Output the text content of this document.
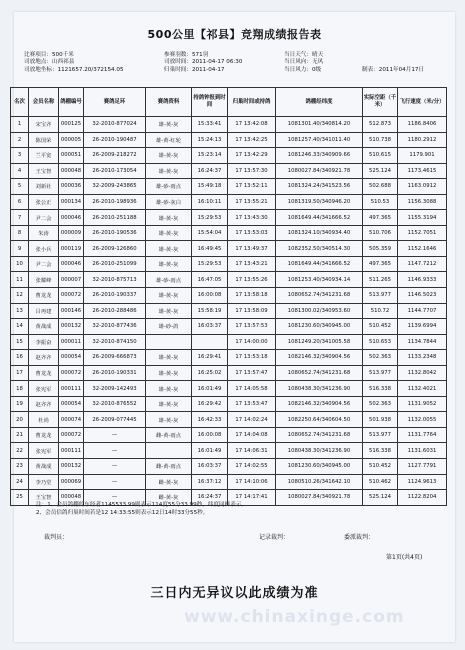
500公里【祁县】竞翔成绩报告表
比赛项目：500千米
司放地点：山西祁县
司放地坐标：1121657.20/372154.05
参赛羽数：571羽
司放时间：2011-04-17 06:30
归巢时间：2011-04-17
当日天气：晴天
当日风向：无风
当日风力：0级	制表：2011年04月17日
名次	会员名称	鸽棚编号	赛鸽足环	赛鸽资料	持鸽钟报到时间	归巢时间或持鸽	鸽棚经纬度	实际空距（千米）	飞行速度（米/分）
1	宋宝齐	000125	32-2010-877024	雄-黄-灰	15:33:41	17 13:42:08	1081301.40/340814.20	512.873	1186.8406
2	陈国荣	000005	26-2010-190487	雄-黄-红轮	15:24:13	17 13:42:25	1081257.40/341011.40	510.738	1180.2912
3	兰平宽	000051	26-2009-218272	雄-黄-灰	15:23:14	17 13:42:29	1081246.33/340909.66	510.615	1179.901
4	王宝智	000048	26-2010-173054	雄-黄-灰	16:24:37	17 13:57:30	1080027.84/340921.78	525.124	1173.4615
5	刘新社	000036	32-2009-243865	雄-砂-雨点	15:49:18	17 13:52:11	1081324.24/341523.56	502.688	1163.0912
6	张公正	000134	26-2010-198936	雄-砂-灰白	16:10:11	17 13:55:21	1081319.50/340946.20	510.53	1156.3088
7	尹二会	000046	26-2010-251188	雄-黄-灰	15:29:53	17 13:43:30	1081649.44/341666.52	497.365	1155.3194
8	朱涛	000009	26-2010-190536	雄-黄-灰	15:54:04	17 13:53:03	1081324.10/340934.40	510.706	1152.7051
9	张小兵	000119	26-2009-126860	雄-黄-灰	16:49:45	17 13:49:37	1082352.50/340514.30	505.359	1152.1646
10	尹二会	000046	26-2010-251099	雄-黄-灰	15:29:53	17 13:43:21	1081649.44/341666.52	497.365	1147.7212
11	张耀峰	000007	32-2010-875713	雄-砂-雨点	16:47:05	17 13:55:26	1081253.40/340934.14	511.265	1146.9333
12	曹龙龙	000072	26-2010-190337	雄-黄-灰	16:00:08	17 13:58:18	1080652.74/341231.68	513.977	1146.5023
13	吕再建	000146	26-2010-288486	雄-黄-灰	15:58:19	17 13:58:09	1081300.02/340953.60	510.72	1144.7707
14	黄战成	000132	32-2010-877436	雄-砂-鸽	16:03:37	17 13:57:53	1081230.60/340945.00	510.452	1139.6994
15	李振奋	000011	32-2010-874150			17 14:00:00	1081249.20/341005.58	510.653	1134.7844
16	赵齐齐	000054	26-2009-666873	雄-黄-灰	16:29:41	17 13:53:18	1082146.32/340904.56	502.363	1133.2348
17	曹龙龙	000072	26-2010-190331	雄-黄-灰	16:25:02	17 13:57:47	1080652.74/341231.68	513.977	1132.8042
18	张宪军	000111	32-2009-142493	雄-黄-灰	16:01:49	17 14:05:58	1080438.30/341236.90	516.338	1132.4021
19	赵齐齐	000054	32-2010-876552	雄-黄-灰	16:29:42	17 13:53:47	1082146.32/340904.56	502.363	1131.9052
20	杜尚	000074	26-2009-077445	雄-黄-灰	16:42:33	17 14:02:24	1082250.64/340604.50	501.938	1132.0055
21	曹龙龙	000072	—	雌-黄-雨点	16:00:08	17 14:04:08	1080652.74/341231.68	513.977	1131.7764
22	张宪军	000111	—		16:01:49	17 14:06:31	1080438.30/341236.90	516.338	1131.6031
23	黄战成	000132	—	雌-黄-雨点	16:03:37	17 14:02:55	1081230.60/340945.00	510.452	1127.7791
24	李乃堂	000069	—	雌-黄-灰	16:37:12	17 14:10:06	1080510.26/341642.10	510.462	1124.9613
25	王宝智	000048	—	雌-黄-灰	16:24:37	17 14:17:41	1080027.84/340921.78	525.124	1122.8204
注：1、会员鸽棚的东经者1145533.99则表示114度55分33.99秒，纬度同样表示。
2、会员信鸽归巢时间若是12 14:33:55则表示12日14时33分55秒。
裁判员：	记录裁判：	委派裁判：
第1页(共4页)
三日内无异议以此成绩为准
www.chinaxinge.com
